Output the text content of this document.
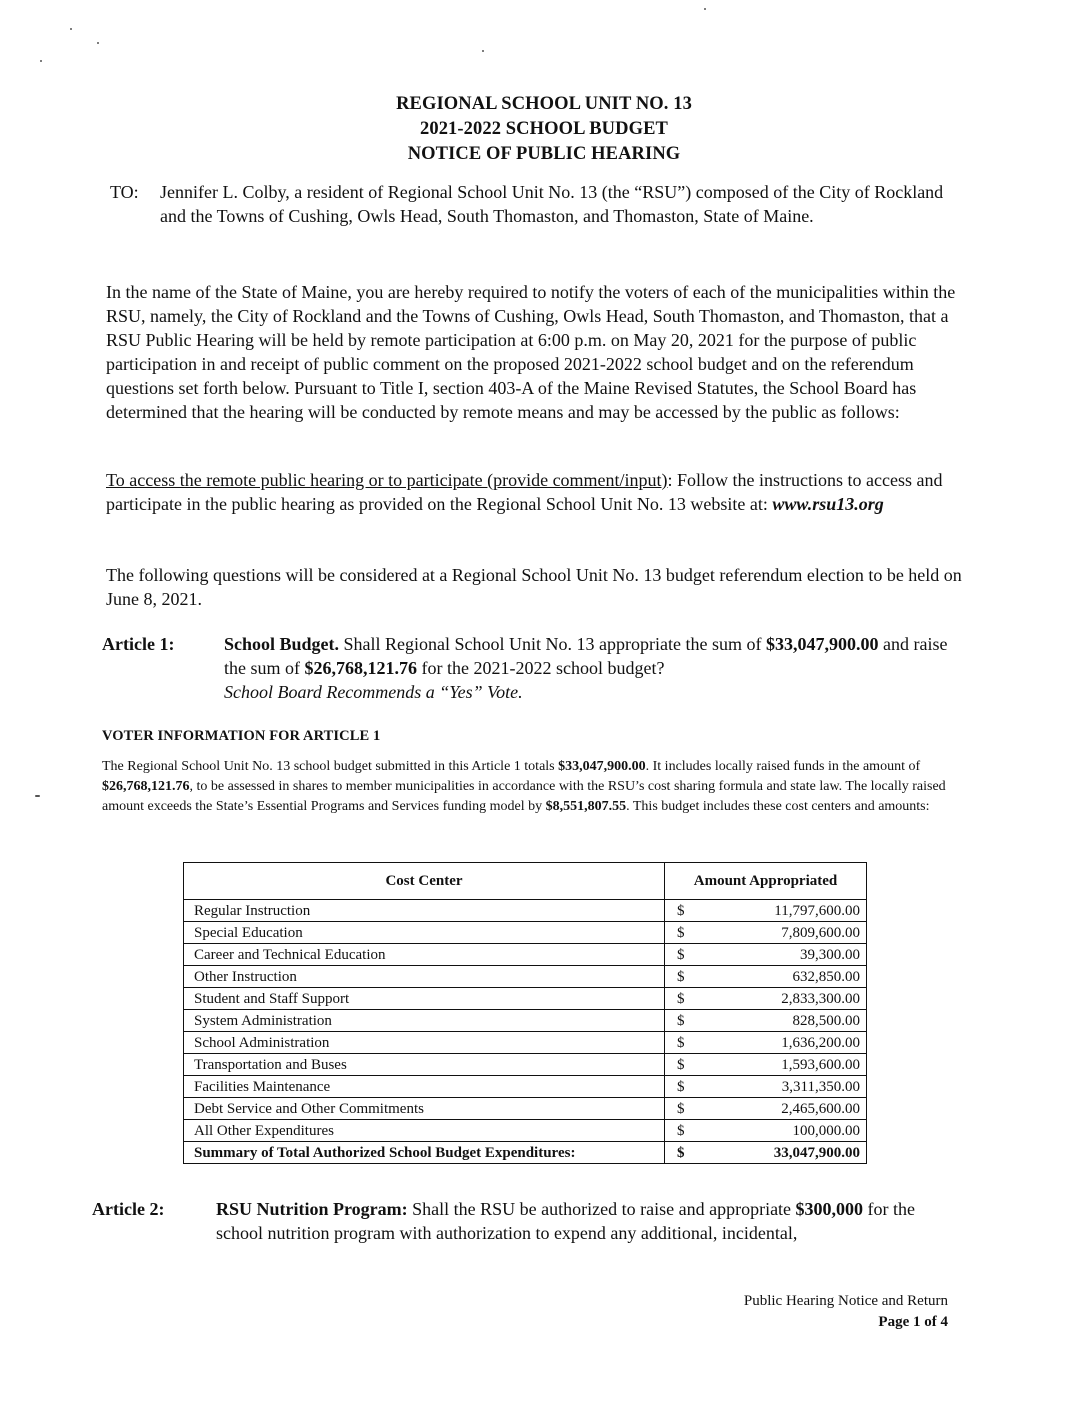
REGIONAL SCHOOL UNIT NO. 13
2021-2022 SCHOOL BUDGET
NOTICE OF PUBLIC HEARING
TO: Jennifer L. Colby, a resident of Regional School Unit No. 13 (the “RSU”) composed of the City of Rockland and the Towns of Cushing, Owls Head, South Thomaston, and Thomaston, State of Maine.
In the name of the State of Maine, you are hereby required to notify the voters of each of the municipalities within the RSU, namely, the City of Rockland and the Towns of Cushing, Owls Head, South Thomaston, and Thomaston, that a RSU Public Hearing will be held by remote participation at 6:00 p.m. on May 20, 2021 for the purpose of public participation in and receipt of public comment on the proposed 2021-2022 school budget and on the referendum questions set forth below. Pursuant to Title I, section 403-A of the Maine Revised Statutes, the School Board has determined that the hearing will be conducted by remote means and may be accessed by the public as follows:
To access the remote public hearing or to participate (provide comment/input): Follow the instructions to access and participate in the public hearing as provided on the Regional School Unit No. 13 website at: www.rsu13.org
The following questions will be considered at a Regional School Unit No. 13 budget referendum election to be held on June 8, 2021.
Article 1:	School Budget. Shall Regional School Unit No. 13 appropriate the sum of $33,047,900.00 and raise the sum of $26,768,121.76 for the 2021-2022 school budget?
School Board Recommends a “Yes” Vote.
VOTER INFORMATION FOR ARTICLE 1
The Regional School Unit No. 13 school budget submitted in this Article 1 totals $33,047,900.00. It includes locally raised funds in the amount of $26,768,121.76, to be assessed in shares to member municipalities in accordance with the RSU’s cost sharing formula and state law. The locally raised amount exceeds the State’s Essential Programs and Services funding model by $8,551,807.55. This budget includes these cost centers and amounts:
Cost Center	Amount Appropriated
Regular Instruction	$ 11,797,600.00

Special Education	$ 7,809,600.00

Career and Technical Education	$ 39,300.00

Other Instruction	$ 632,850.00

Student and Staff Support	$ 2,833,300.00

System Administration	$ 828,500.00

School Administration	$ 1,636,200.00

Transportation and Buses	$ 1,593,600.00

Facilities Maintenance	$ 3,311,350.00

Debt Service and Other Commitments	$ 2,465,600.00

All Other Expenditures	$ 100,000.00

Summary of Total Authorized School Budget Expenditures:	$ 33,047,900.00
Article 2:	RSU Nutrition Program: Shall the RSU be authorized to raise and appropriate $300,000 for the school nutrition program with authorization to expend any additional, incidental,
Public Hearing Notice and Return
Page 1 of 4
